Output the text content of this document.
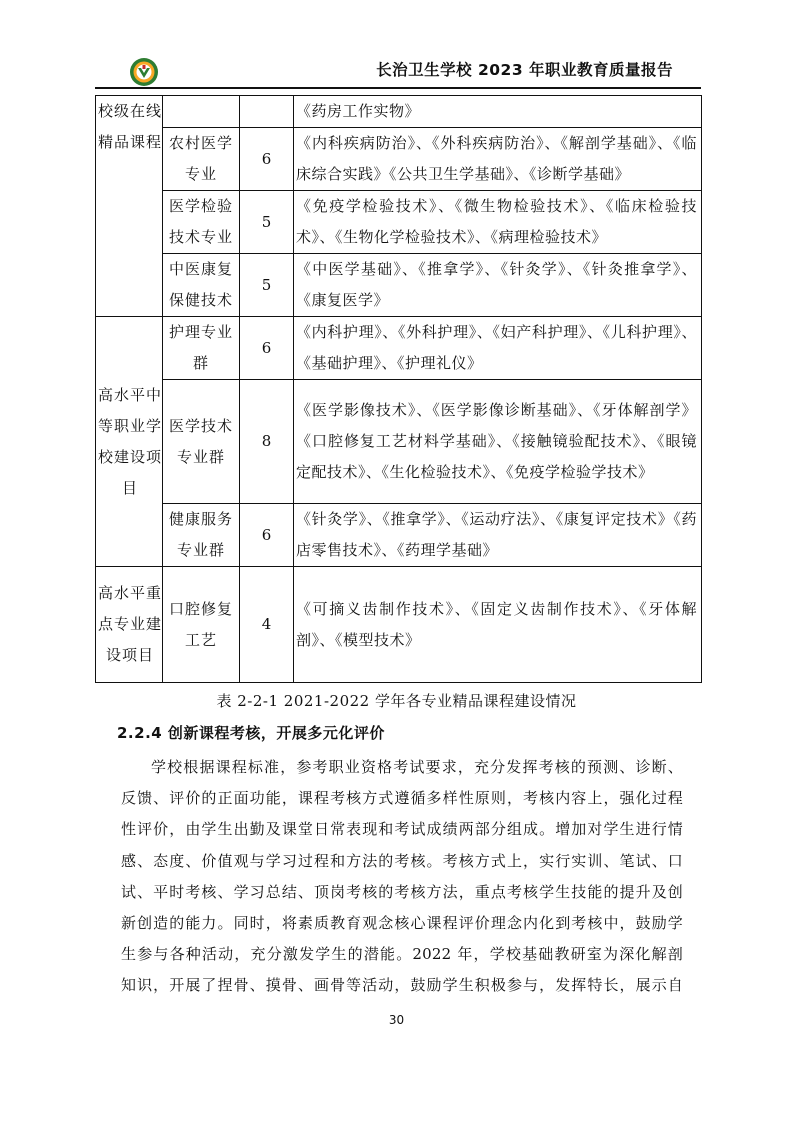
长治卫生学校 2023 年职业教育质量报告
校级在线精品课程			《药房工作实物》
	农村医学专业	6	《内科疾病防治》、《外科疾病防治》、《解剖学基础》、《临床综合实践》《公共卫生学基础》、《诊断学基础》
	医学检验技术专业	5	《免疫学检验技术》、《微生物检验技术》、《临床检验技术》、《生物化学检验技术》、《病理检验技术》
	中医康复保健技术	5	《中医学基础》、《推拿学》、《针灸学》、《针灸推拿学》、《康复医学》
高水平中等职业学校建设项目	护理专业群	6	《内科护理》、《外科护理》、《妇产科护理》、《儿科护理》、《基础护理》、《护理礼仪》
	医学技术专业群	8	《医学影像技术》、《医学影像诊断基础》、《牙体解剖学》《口腔修复工艺材料学基础》、《接触镜验配技术》、《眼镜定配技术》、《生化检验技术》、《免疫学检验学技术》
	健康服务专业群	6	《针灸学》、《推拿学》、《运动疗法》、《康复评定技术》《药店零售技术》、《药理学基础》
高水平重点专业建设项目	口腔修复工艺	4	《可摘义齿制作技术》、《固定义齿制作技术》、《牙体解剖》、《模型技术》
表 2-2-1 2021-2022 学年各专业精品课程建设情况
2.2.4 创新课程考核，开展多元化评价
学校根据课程标准，参考职业资格考试要求，充分发挥考核的预测、诊断、
反馈、评价的正面功能，课程考核方式遵循多样性原则，考核内容上，强化过程
性评价，由学生出勤及课堂日常表现和考试成绩两部分组成。增加对学生进行情
感、态度、价值观与学习过程和方法的考核。考核方式上，实行实训、笔试、口
试、平时考核、学习总结、顶岗考核的考核方法，重点考核学生技能的提升及创
新创造的能力。同时，将素质教育观念核心课程评价理念内化到考核中，鼓励学
生参与各种活动，充分激发学生的潜能。2022 年，学校基础教研室为深化解剖
知识，开展了捏骨、摸骨、画骨等活动，鼓励学生积极参与，发挥特长，展示自
30
